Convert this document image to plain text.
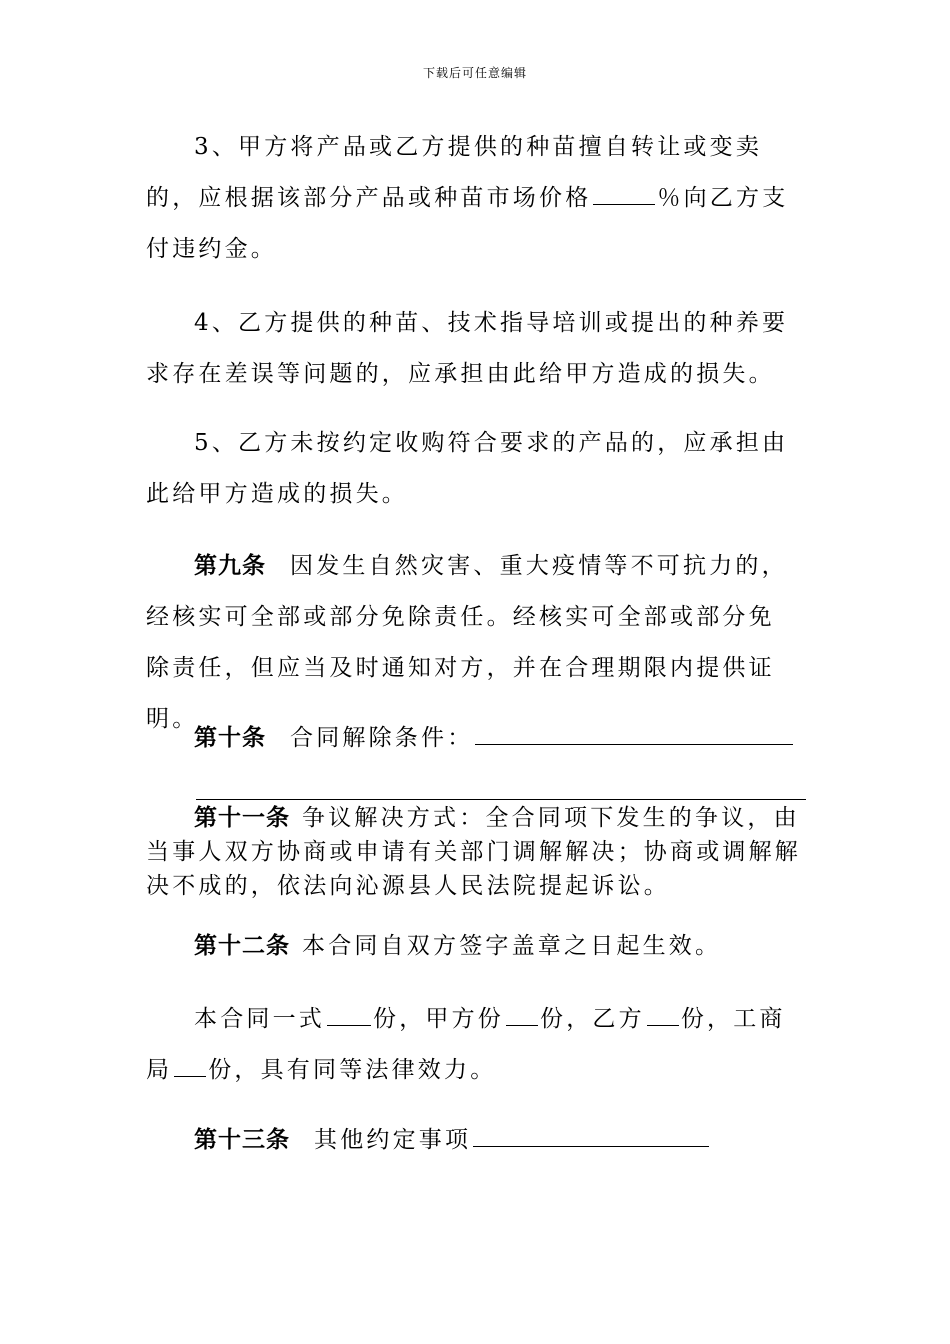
下载后可任意编辑

3、甲方将产品或乙方提供的种苗擅自转让或变卖的，应根据该部分产品或种苗市场价格	％向乙方支付违约金。

4、乙方提供的种苗、技术指导培训或提出的种养要求存在差误等问题的，应承担由此给甲方造成的损失。

5、乙方未按约定收购符合要求的产品的，应承担由此给甲方造成的损失。

第九条 因发生自然灾害、重大疫情等不可抗力的，经核实可全部或部分免除责任。经核实可全部或部分免除责任，但应当及时通知对方，并在合理期限内提供证明。

第十条 合同解除条件：

第十一条 争议解决方式：全合同项下发生的争议，由当事人双方协商或申请有关部门调解解决；协商或调解解决不成的，依法向沁源县人民法院提起诉讼。

第十二条 本合同自双方签字盖章之日起生效。

本合同一式 份，甲方份 份，乙方 份，工商局 份，具有同等法律效力。

第十三条 其他约定事项
